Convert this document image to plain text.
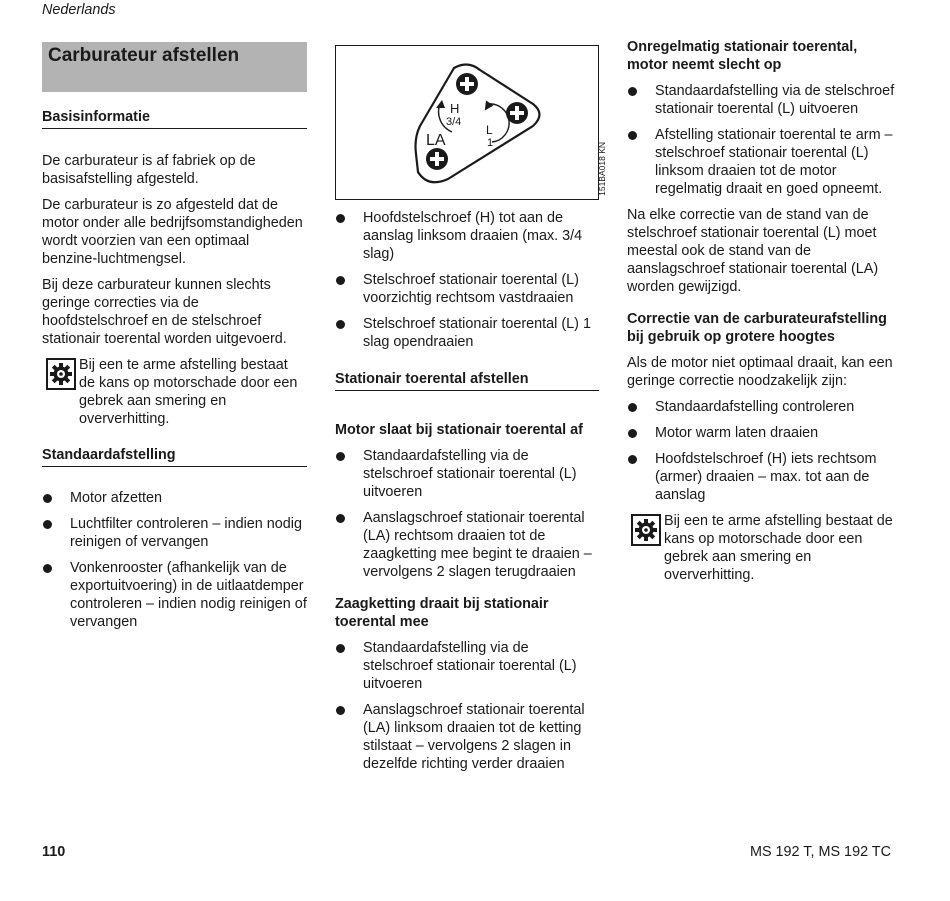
Nederlands
Carburateur afstellen
Basisinformatie

De carburateur is af fabriek op de basisafstelling afgesteld.

De carburateur is zo afgesteld dat de motor onder alle bedrijfsomstandigheden wordt voorzien van een optimaal benzine-luchtmengsel.

Bij deze carburateur kunnen slechts geringe correcties via de hoofdstelschroef en de stelschroef stationair toerental worden uitgevoerd.

Bij een te arme afstelling bestaat de kans op motorschade door een gebrek aan smering en oververhitting.
Standaardafstelling
Motor afzetten
Luchtfilter controleren – indien nodig reinigen of vervangen
Vonkenrooster (afhankelijk van de exportuitvoering) in de uitlaatdemper controleren – indien nodig reinigen of vervangen
H
3/4
L
1
LA
151BA018 KN
Hoofdstelschroef (H) tot aan de aanslag linksom draaien (max. 3/4 slag)
Stelschroef stationair toerental (L) voorzichtig rechtsom vastdraaien
Stelschroef stationair toerental (L) 1 slag opendraaien
Stationair toerental afstellen
Motor slaat bij stationair toerental af
Standaardafstelling via de stelschroef stationair toerental (L) uitvoeren
Aanslagschroef stationair toerental (LA) rechtsom draaien tot de zaagketting mee begint te draaien – vervolgens 2 slagen terugdraaien
Zaagketting draait bij stationair toerental mee
Standaardafstelling via de stelschroef stationair toerental (L) uitvoeren
Aanslagschroef stationair toerental (LA) linksom draaien tot de ketting stilstaat – vervolgens 2 slagen in dezelfde richting verder draaien
Onregelmatig stationair toerental, motor neemt slecht op
Standaardafstelling via de stelschroef stationair toerental (L) uitvoeren
Afstelling stationair toerental te arm – stelschroef stationair toerental (L) linksom draaien tot de motor regelmatig draait en goed opneemt.

Na elke correctie van de stand van de stelschroef stationair toerental (L) moet meestal ook de stand van de aanslagschroef stationair toerental (LA) worden gewijzigd.

Correctie van de carburateurafstelling bij gebruik op grotere hoogtes

Als de motor niet optimaal draait, kan een geringe correctie noodzakelijk zijn:

Standaardafstelling controleren
Motor warm laten draaien
Hoofdstelschroef (H) iets rechtsom (armer) draaien – max. tot aan de aanslag
Bij een te arme afstelling bestaat de kans op motorschade door een gebrek aan smering en oververhitting.
110	MS 192 T, MS 192 TC
